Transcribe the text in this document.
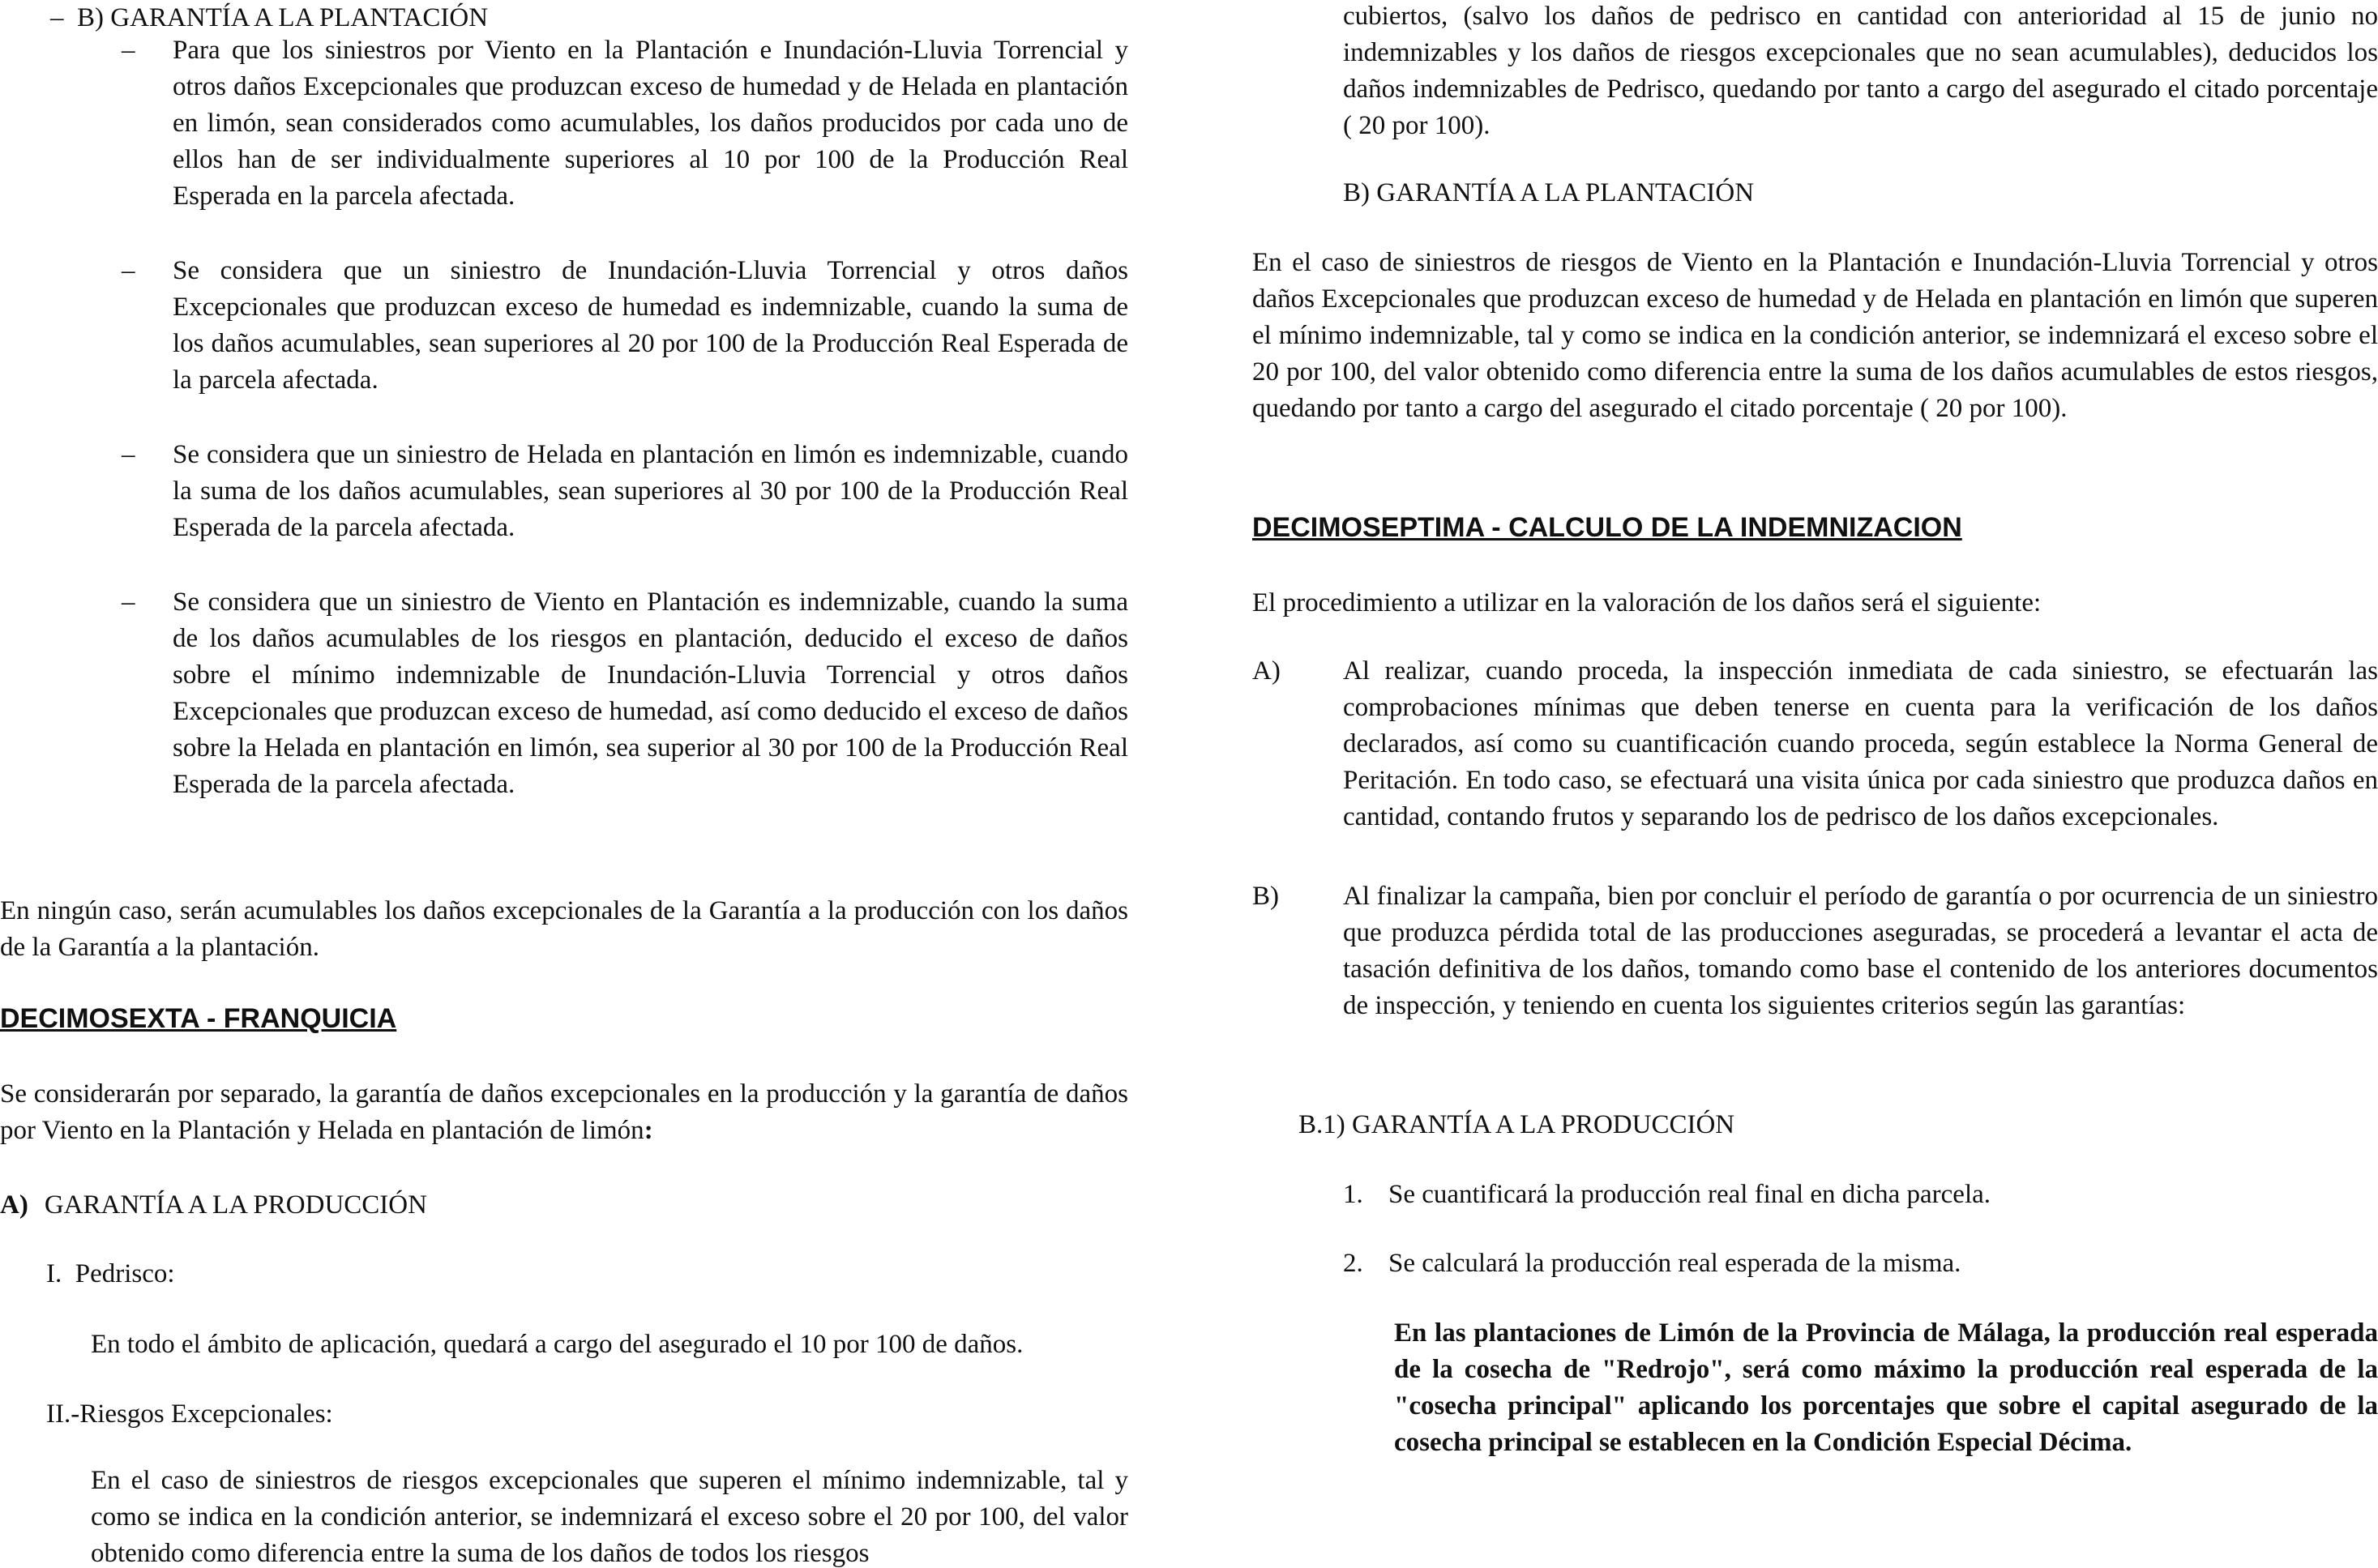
–  B) GARANTÍA A LA PLANTACIÓN

– Para que los siniestros por Viento en la Plantación e Inundación-Lluvia Torrencial y otros daños Excepcionales que produzcan exceso de humedad y de Helada en plantación en limón, sean considerados como acumulables, los daños producidos por cada uno de ellos han de ser individualmente superiores al 10 por 100 de la Producción Real Esperada en la parcela afectada.
– Se considera que un siniestro de Inundación-Lluvia Torrencial y otros daños Excepcionales que produzcan exceso de humedad es indemnizable, cuando la suma de los daños acumulables, sean superiores al 20 por 100 de la Producción Real Esperada de la parcela afectada.
– Se considera que un siniestro de Helada en plantación en limón es indemnizable, cuando la suma de los daños acumulables, sean superiores al 30 por 100 de la Producción Real Esperada de la parcela afectada.
– Se considera que un siniestro de Viento en Plantación es indemnizable, cuando la suma de los daños acumulables de los riesgos en plantación, deducido el exceso de daños sobre el mínimo indemnizable de Inundación-Lluvia Torrencial y otros daños Excepcionales que produzcan exceso de humedad, así como deducido el exceso de daños sobre la Helada en plantación en limón, sea superior al 30 por 100 de la Producción Real Esperada de la parcela afectada.

En ningún caso, serán acumulables los daños excepcionales de la Garantía a la producción con los daños de la Garantía a la plantación.

DECIMOSEXTA - FRANQUICIA

Se considerarán por separado, la garantía de daños excepcionales en la producción y la garantía de daños por Viento en la Plantación y Helada en plantación de limón:

A) GARANTÍA A LA PRODUCCIÓN

I.  Pedrisco:

En todo el ámbito de aplicación, quedará a cargo del asegurado el 10 por 100 de daños.

II.-Riesgos Excepcionales:

En el caso de siniestros de riesgos excepcionales que superen el mínimo indemnizable, tal y como se indica en la condición anterior, se indemnizará el exceso sobre el 20 por 100, del valor obtenido como diferencia entre la suma de los daños de todos los riesgos

cubiertos, (salvo los daños de pedrisco en cantidad con anterioridad al 15 de junio no indemnizables y los daños de riesgos excepcionales que no sean acumulables), deducidos los daños indemnizables de Pedrisco, quedando por tanto a cargo del asegurado el citado porcentaje ( 20 por 100).

B) GARANTÍA A LA PLANTACIÓN

En el caso de siniestros de riesgos de Viento en la Plantación e Inundación-Lluvia Torrencial y otros daños Excepcionales que produzcan exceso de humedad y de Helada en plantación en limón que superen el mínimo indemnizable, tal y como se indica en la condición anterior, se indemnizará el exceso sobre el 20 por 100, del valor obtenido como diferencia entre la suma de los daños acumulables de estos riesgos, quedando por tanto a cargo del asegurado el citado porcentaje ( 20 por 100).

DECIMOSEPTIMA - CALCULO DE LA INDEMNIZACION

El procedimiento a utilizar en la valoración de los daños será el siguiente:

A) Al realizar, cuando proceda, la inspección inmediata de cada siniestro, se efectuarán las comprobaciones mínimas que deben tenerse en cuenta para la verificación de los daños declarados, así como su cuantificación cuando proceda, según establece la Norma General de Peritación. En todo caso, se efectuará una visita única por cada siniestro que produzca daños en cantidad, contando frutos y separando los de pedrisco de los daños excepcionales.
B) Al finalizar la campaña, bien por concluir el período de garantía o por ocurrencia de un siniestro que produzca pérdida total de las producciones aseguradas, se procederá a levantar el acta de tasación definitiva de los daños, tomando como base el contenido de los anteriores documentos de inspección, y teniendo en cuenta los siguientes criterios según las garantías:

B.1) GARANTÍA A LA PRODUCCIÓN

1. Se cuantificará la producción real final en dicha parcela.
2. Se calculará la producción real esperada de la misma.

En las plantaciones de Limón de la Provincia de Málaga, la producción real esperada de la cosecha de "Redrojo", será como máximo la producción real esperada de la "cosecha principal" aplicando los porcentajes que sobre el capital asegurado de la cosecha principal se establecen en la Condición Especial Décima.
